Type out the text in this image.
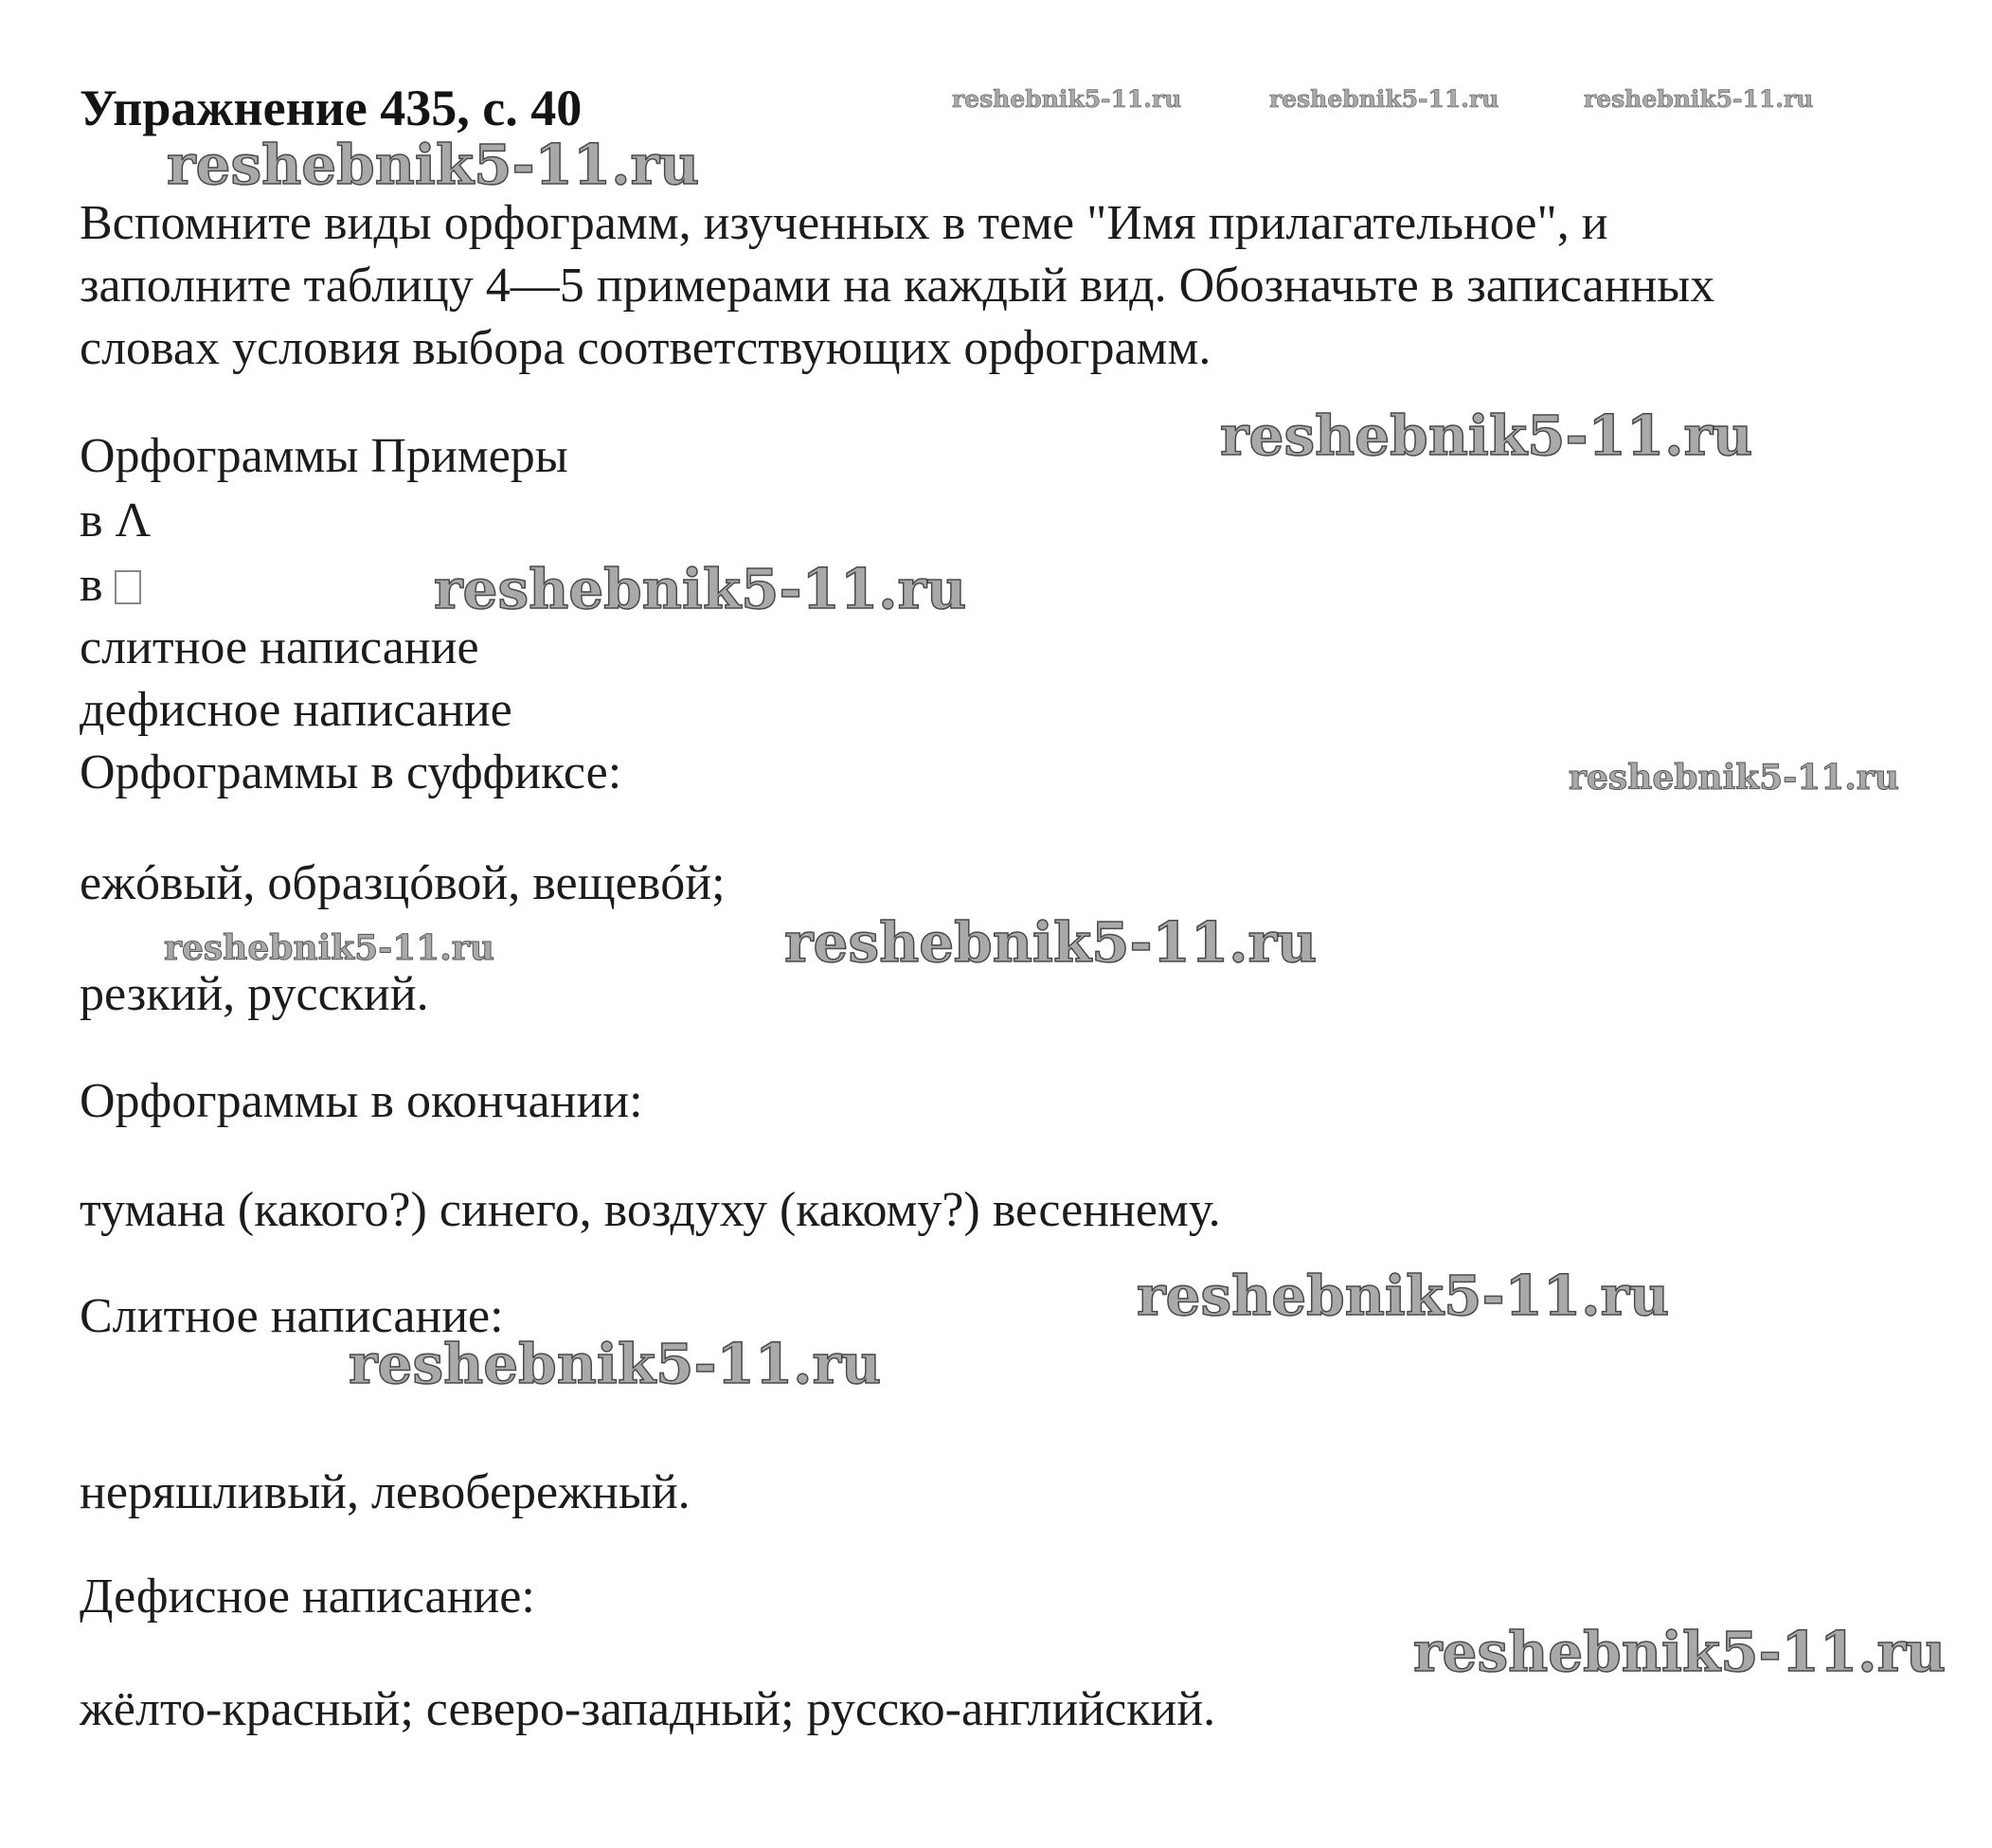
Упражнение 435, с. 40
Вспомните виды орфограмм, изученных в теме "Имя прилагательное", и
заполните таблицу 4—5 примерами на каждый вид. Обозначьте в записанных
словах условия выбора соответствующих орфограмм.
Орфограммы Примеры
в Λ
в
слитное написание
дефисное написание
Орфограммы в суффиксе:
ежóвый, образцóвой, вещевóй;
резкий, русский.
Орфограммы в окончании:
тумана (какого?) синего, воздуху (какому?) весеннему.
Слитное написание:
неряшливый, левобережный.
Дефисное написание:
жёлто-красный; северо-западный; русско-английский.
reshebnik5-11.ru	reshebnik5-11.ru	reshebnik5-11.ru
reshebnik5-11.ru
reshebnik5-11.ru
reshebnik5-11.ru
reshebnik5-11.ru
reshebnik5-11.ru	reshebnik5-11.ru
reshebnik5-11.ru
reshebnik5-11.ru
reshebnik5-11.ru
